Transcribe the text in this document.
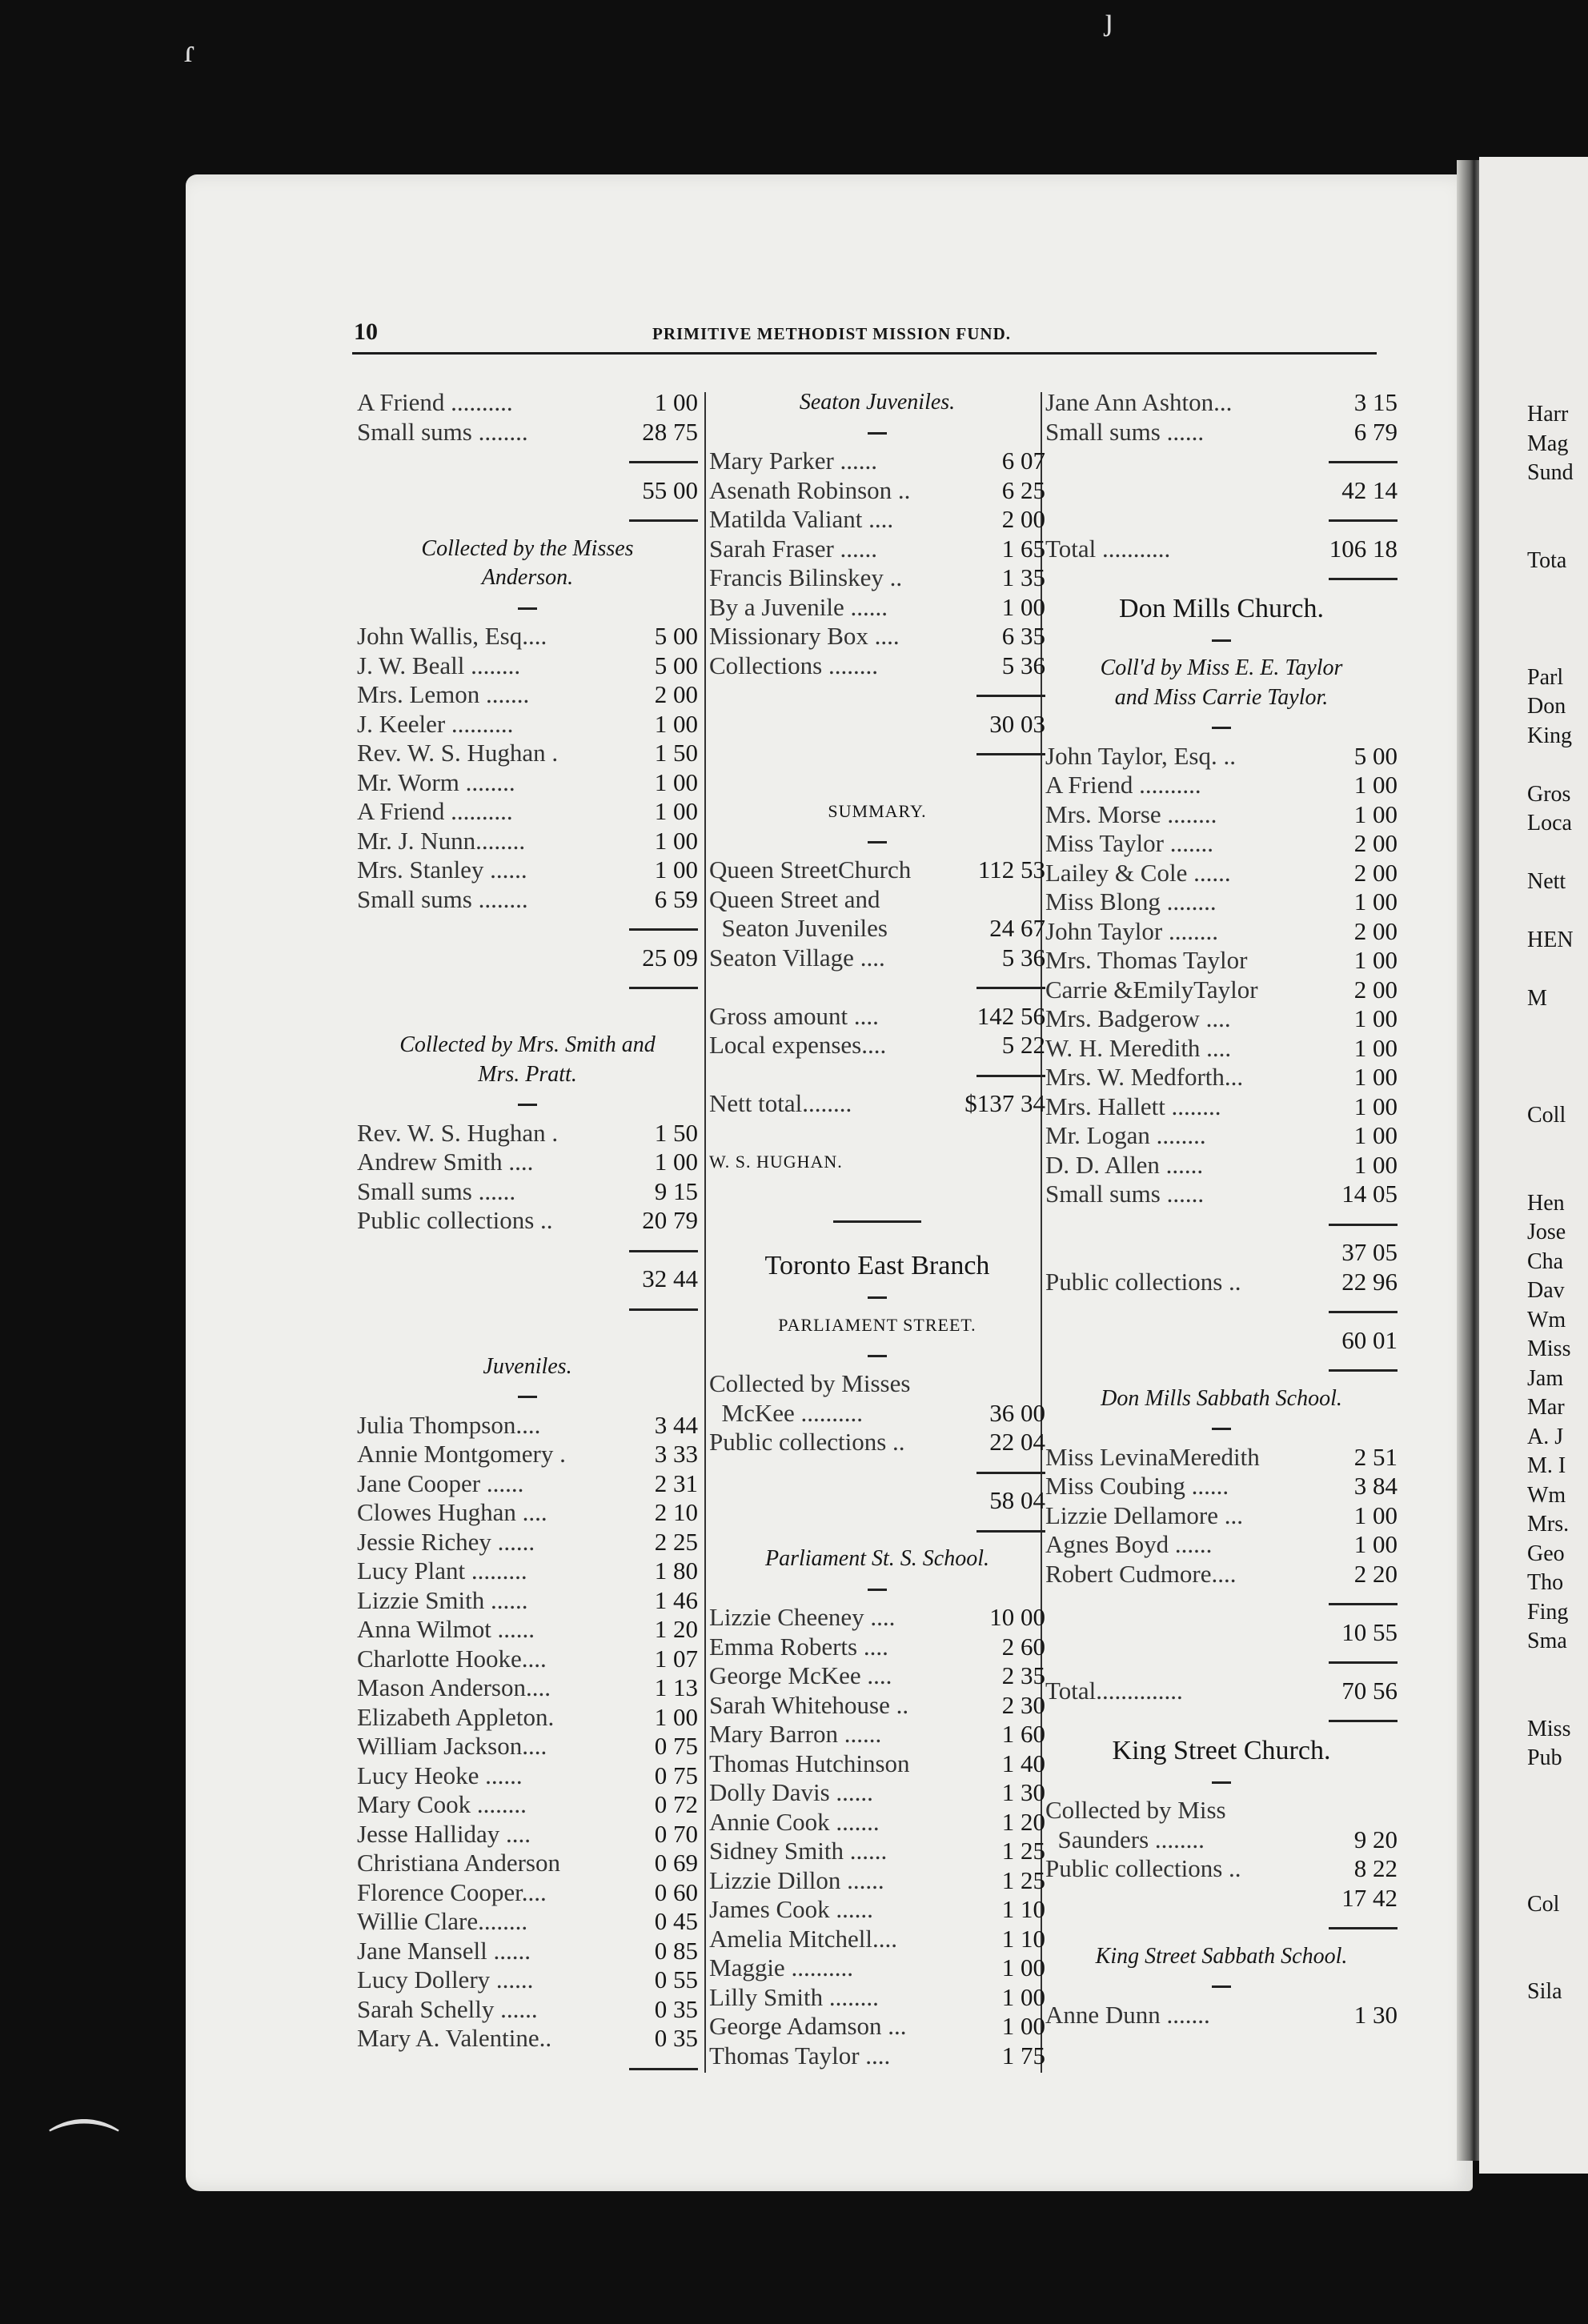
ɾ
ȷ
⌒
10	PRIMITIVE METHODIST MISSION FUND.
A Friend ..........	1 00
Small sums ........	28 75
55 00
Collected by the Misses
Anderson.
John Wallis, Esq....	5 00
J. W. Beall ........	5 00
Mrs. Lemon .......	2 00
J. Keeler ..........	1 00
Rev. W. S. Hughan .	1 50
Mr. Worm ........	1 00
A Friend ..........	1 00
Mr. J. Nunn........	1 00
Mrs. Stanley ......	1 00
Small sums ........	6 59
25 09
Collected by Mrs. Smith and
Mrs. Pratt.
Rev. W. S. Hughan .	1 50
Andrew Smith ....	1 00
Small sums ......	9 15
Public collections ..	20 79
32 44
Juveniles.
Julia Thompson....	3 44
Annie Montgomery .	3 33
Jane Cooper ......	2 31
Clowes Hughan ....	2 10
Jessie Richey ......	2 25
Lucy Plant .........	1 80
Lizzie Smith ......	1 46
Anna Wilmot ......	1 20
Charlotte Hooke....	1 07
Mason Anderson....	1 13
Elizabeth Appleton.	1 00
William Jackson....	0 75
Lucy Heoke ......	0 75
Mary Cook ........	0 72
Jesse Halliday ....	0 70
Christiana Anderson	0 69
Florence Cooper....	0 60
Willie Clare........	0 45
Jane Mansell ......	0 85
Lucy Dollery ......	0 55
Sarah Schelly ......	0 35
Mary A. Valentine..	0 35
Seaton Juveniles.
Mary Parker ......	6 07
Asenath Robinson ..	6 25
Matilda Valiant ....	2 00
Sarah Fraser ......	1 65
Francis Bilinskey ..	1 35
By a Juvenile ......	1 00
Missionary Box ....	6 35
Collections ........	5 36
30 03
SUMMARY.
Queen StreetChurch	112 53
Queen Street and
Seaton Juveniles	24 67
Seaton Village ....	5 36
Gross amount ....	142 56
Local expenses....	5 22
Nett total........	$137 34
W. S. HUGHAN.
Toronto East Branch
PARLIAMENT STREET.
Collected by Misses
McKee ..........	36 00
Public collections ..	22 04
58 04
Parliament St. S. School.
Lizzie Cheeney ....	10 00
Emma Roberts ....	2 60
George McKee ....	2 35
Sarah Whitehouse ..	2 30
Mary Barron ......	1 60
Thomas Hutchinson	1 40
Dolly Davis ......	1 30
Annie Cook .......	1 20
Sidney Smith ......	1 25
Lizzie Dillon ......	1 25
James Cook ......	1 10
Amelia Mitchell....	1 10
Maggie ..........	1 00
Lilly Smith ........	1 00
George Adamson ...	1 00
Thomas Taylor ....	1 75
Jane Ann Ashton...	3 15
Small sums ......	6 79
42 14
Total ...........	106 18
Don Mills Church.
Coll'd by Miss E. E. Taylor
and Miss Carrie Taylor.
John Taylor, Esq. ..	5 00
A Friend ..........	1 00
Mrs. Morse ........	1 00
Miss Taylor .......	2 00
Lailey & Cole ......	2 00
Miss Blong ........	1 00
John Taylor ........	2 00
Mrs. Thomas Taylor	1 00
Carrie &EmilyTaylor	2 00
Mrs. Badgerow ....	1 00
W. H. Meredith ....	1 00
Mrs. W. Medforth...	1 00
Mrs. Hallett ........	1 00
Mr. Logan ........	1 00
D. D. Allen ......	1 00
Small sums ......	14 05
37 05
Public collections ..	22 96
60 01
Don Mills Sabbath School.
Miss LevinaMeredith	2 51
Miss Coubing ......	3 84
Lizzie Dellamore ...	1 00
Agnes Boyd ......	1 00
Robert Cudmore....	2 20
10 55
Total..............	70 56
King Street Church.
Collected by Miss
Saunders ........	9 20
Public collections ..	8 22
17 42
King Street Sabbath School.
Anne Dunn .......	1 30
Harr
Mag
Sund
Tota
Parl
Don
King
Gros
Loca
Nett
HEN
M
Coll
Hen
Jose
Cha
Dav
Wm
Miss
Jam
Mar
A. J
M. I
Wm
Mrs.
Geo
Tho
Fing
Sma
Miss
Pub
Col
Sila
